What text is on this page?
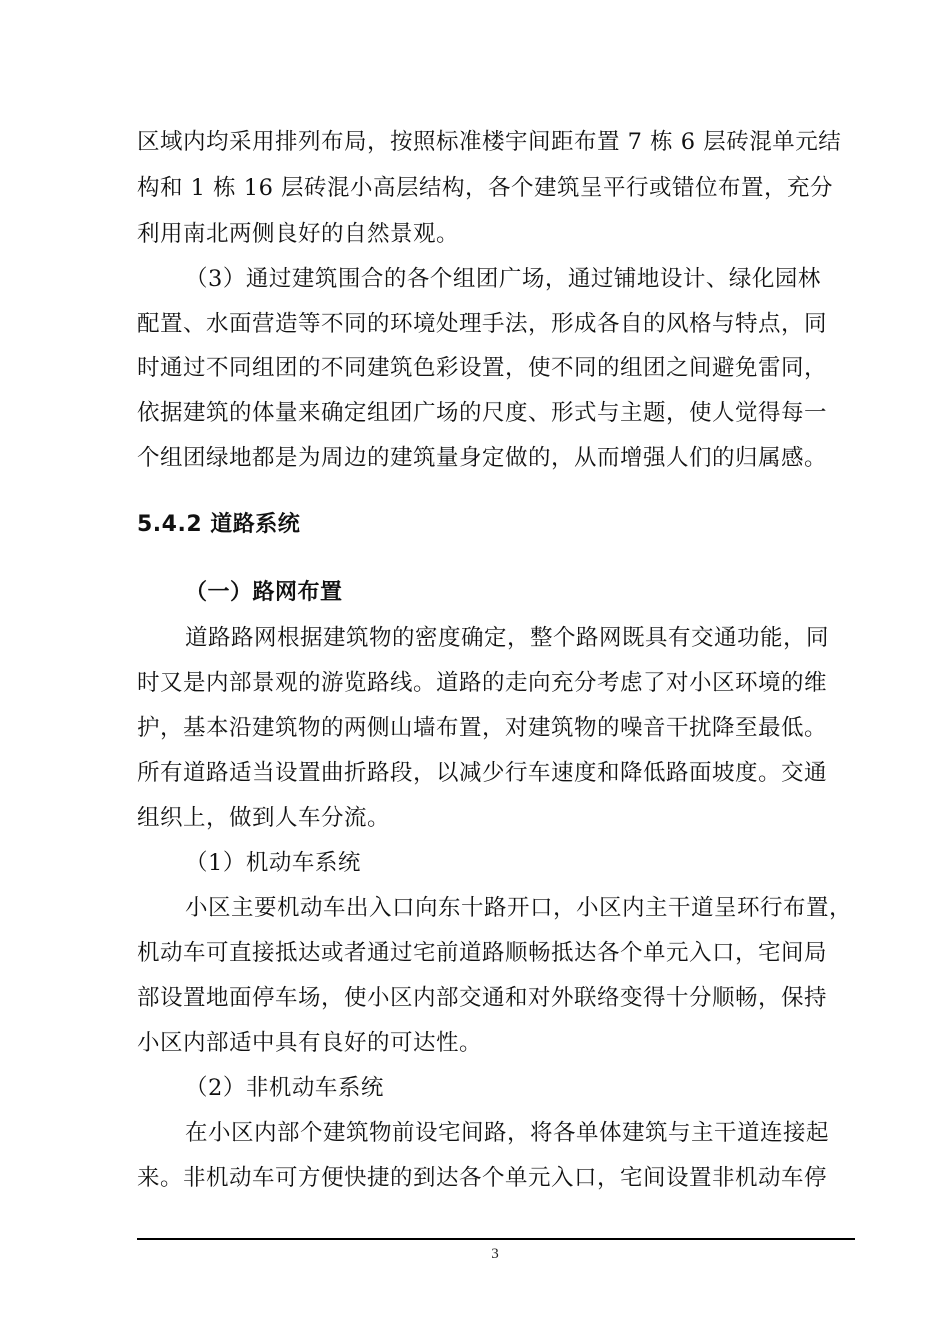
区域内均采用排列布局，按照标准楼宇间距布置 7 栋 6 层砖混单元结
构和 1 栋 16 层砖混小高层结构，各个建筑呈平行或错位布置，充分
利用南北两侧良好的自然景观。
（3）通过建筑围合的各个组团广场，通过铺地设计、绿化园林
配置、水面营造等不同的环境处理手法，形成各自的风格与特点，同
时通过不同组团的不同建筑色彩设置，使不同的组团之间避免雷同，
依据建筑的体量来确定组团广场的尺度、形式与主题，使人觉得每一
个组团绿地都是为周边的建筑量身定做的，从而增强人们的归属感。
5.4.2 道路系统
（一）路网布置
道路路网根据建筑物的密度确定，整个路网既具有交通功能，同
时又是内部景观的游览路线。道路的走向充分考虑了对小区环境的维
护，基本沿建筑物的两侧山墙布置，对建筑物的噪音干扰降至最低。
所有道路适当设置曲折路段，以减少行车速度和降低路面坡度。交通
组织上，做到人车分流。
（1）机动车系统
小区主要机动车出入口向东十路开口，小区内主干道呈环行布置，
机动车可直接抵达或者通过宅前道路顺畅抵达各个单元入口，宅间局
部设置地面停车场，使小区内部交通和对外联络变得十分顺畅，保持
小区内部适中具有良好的可达性。
（2）非机动车系统
在小区内部个建筑物前设宅间路，将各单体建筑与主干道连接起
来。非机动车可方便快捷的到达各个单元入口，宅间设置非机动车停
3
